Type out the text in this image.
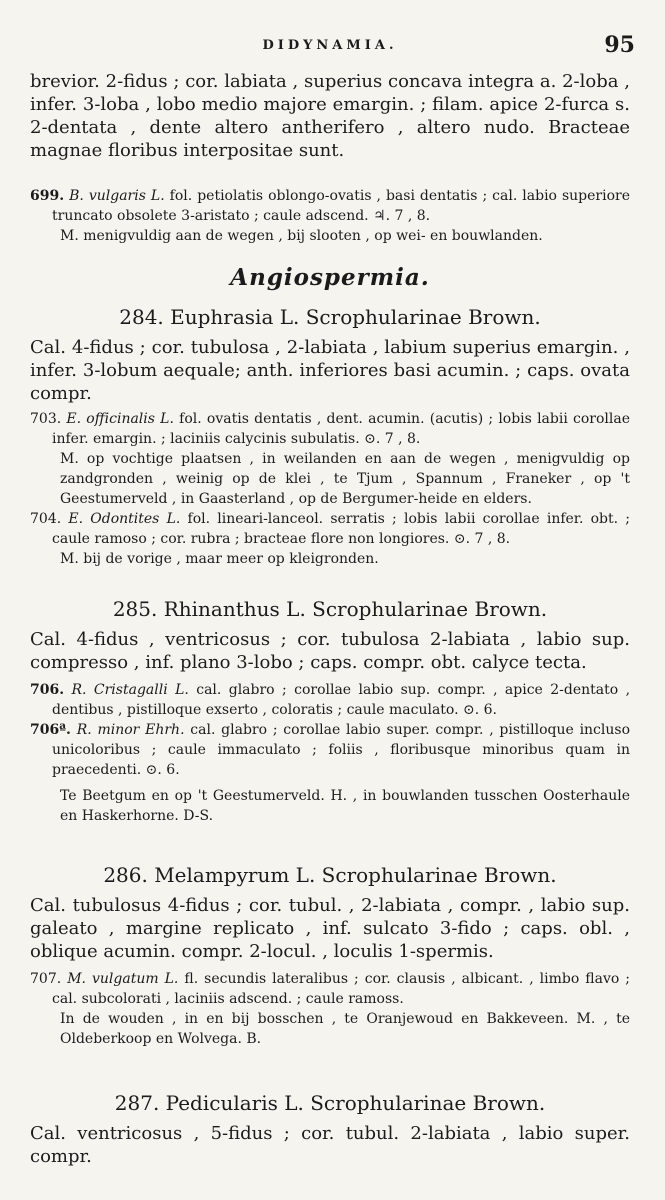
DIDYNAMIA.	95

brevior. 2-fidus ; cor. labiata , superius concava integra a. 2-loba , infer. 3-loba , lobo medio majore emargin. ; filam. apice 2-furca s. 2-dentata , dente altero antherifero , altero nudo. Bracteae magnae floribus interpositae sunt.

699. B. vulgaris L. fol. petiolatis oblongo-ovatis , basi dentatis ; cal. labio superiore truncato obsolete 3-aristato ; caule adscend. ♃. 7 , 8.

M. menigvuldig aan de wegen , bij slooten , op wei- en bouwlanden.

Angiospermia.

284. Euphrasia L. Scrophularinae Brown.

Cal. 4-fidus ; cor. tubulosa , 2-labiata , labium superius emargin. , infer. 3-lobum aequale; anth. inferiores basi acumin. ; caps. ovata compr.

703. E. officinalis L. fol. ovatis dentatis , dent. acumin. (acutis) ; lobis labii corollae infer. emargin. ; laciniis calycinis subulatis. ⊙. 7 , 8.

M. op vochtige plaatsen , in weilanden en aan de wegen , menigvuldig op zandgronden , weinig op de klei , te Tjum , Spannum , Franeker , op 't Geestumerveld , in Gaasterland , op de Bergumer-heide en elders.

704. E. Odontites L. fol. lineari-lanceol. serratis ; lobis labii corollae infer. obt. ; caule ramoso ; cor. rubra ; bracteae flore non longiores. ⊙. 7 , 8.

M. bij de vorige , maar meer op kleigronden.

285. Rhinanthus L. Scrophularinae Brown.

Cal. 4-fidus , ventricosus ; cor. tubulosa 2-labiata , labio sup. compresso , inf. plano 3-lobo ; caps. compr. obt. calyce tecta.

706. R. Cristagalli L. cal. glabro ; corollae labio sup. compr. , apice 2-dentato , dentibus , pistilloque exserto , coloratis ; caule maculato. ⊙. 6.

706ª. R. minor Ehrh. cal. glabro ; corollae labio super. compr. , pistilloque incluso unicoloribus ; caule immaculato ; foliis , floribusque minoribus quam in praecedenti. ⊙. 6.

Te Beetgum en op 't Geestumerveld. H. , in bouwlanden tusschen Oosterhaule en Haskerhorne. D-S.

286. Melampyrum L. Scrophularinae Brown.

Cal. tubulosus 4-fidus ; cor. tubul. , 2-labiata , compr. , labio sup. galeato , margine replicato , inf. sulcato 3-fido ; caps. obl. , oblique acumin. compr. 2-locul. , loculis 1-spermis.

707. M. vulgatum L. fl. secundis lateralibus ; cor. clausis , albicant. , limbo flavo ; cal. subcolorati , laciniis adscend. ; caule ramoss.

In de wouden , in en bij bosschen , te Oranjewoud en Bakkeveen. M. , te Oldeberkoop en Wolvega. B.

287. Pedicularis L. Scrophularinae Brown.

Cal. ventricosus , 5-fidus ; cor. tubul. 2-labiata , labio super. compr.
